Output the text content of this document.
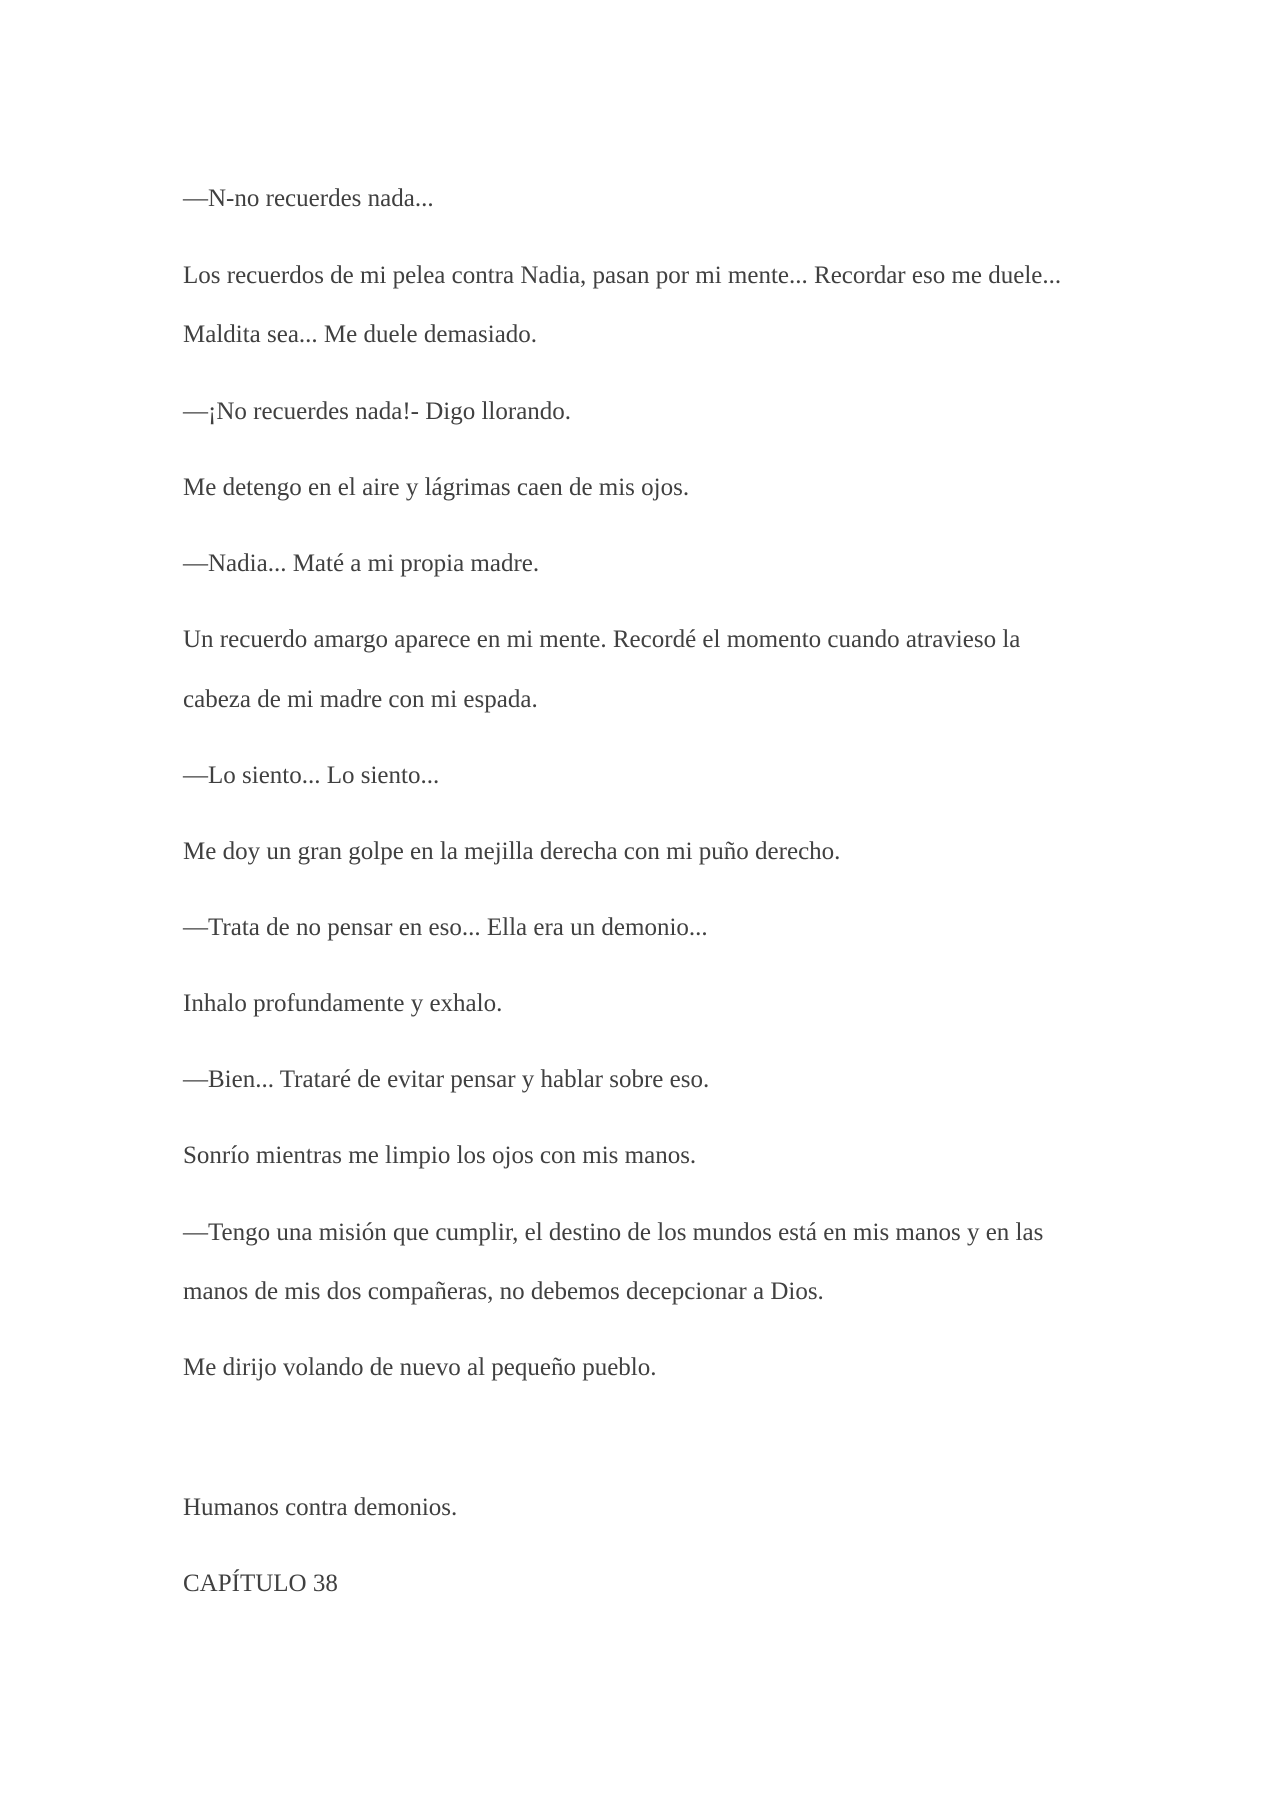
—N-no recuerdes nada...

Los recuerdos de mi pelea contra Nadia, pasan por mi mente... Recordar eso me duele...

Maldita sea... Me duele demasiado.

—¡No recuerdes nada!- Digo llorando.

Me detengo en el aire y lágrimas caen de mis ojos.

—Nadia... Maté a mi propia madre.

Un recuerdo amargo aparece en mi mente. Recordé el momento cuando atravieso la

cabeza de mi madre con mi espada.

—Lo siento... Lo siento...

Me doy un gran golpe en la mejilla derecha con mi puño derecho.

—Trata de no pensar en eso... Ella era un demonio...

Inhalo profundamente y exhalo.

—Bien... Trataré de evitar pensar y hablar sobre eso.

Sonrío mientras me limpio los ojos con mis manos.

—Tengo una misión que cumplir, el destino de los mundos está en mis manos y en las

manos de mis dos compañeras, no debemos decepcionar a Dios.

Me dirijo volando de nuevo al pequeño pueblo.

Humanos contra demonios.

CAPÍTULO 38
